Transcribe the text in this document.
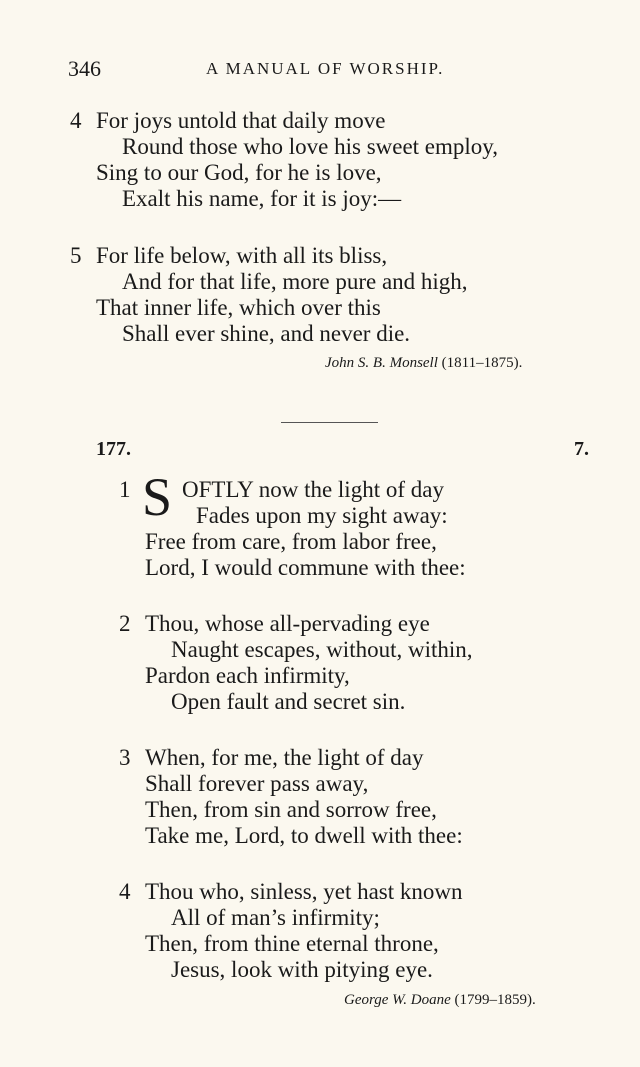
346	A MANUAL OF WORSHIP.
4 For joys untold that daily move
Round those who love his sweet employ,
Sing to our God, for he is love,
Exalt his name, for it is joy:—
5 For life below, with all its bliss,
And for that life, more pure and high,
That inner life, which over this
Shall ever shine, and never die.
John S. B. Monsell (1811–1875).
177.	7.
1 S OFTLY now the light of day
Fades upon my sight away:
Free from care, from labor free,
Lord, I would commune with thee:
2 Thou, whose all-pervading eye
Naught escapes, without, within,
Pardon each infirmity,
Open fault and secret sin.
3 When, for me, the light of day
Shall forever pass away,
Then, from sin and sorrow free,
Take me, Lord, to dwell with thee:
4 Thou who, sinless, yet hast known
All of man’s infirmity;
Then, from thine eternal throne,
Jesus, look with pitying eye.
George W. Doane (1799–1859).
